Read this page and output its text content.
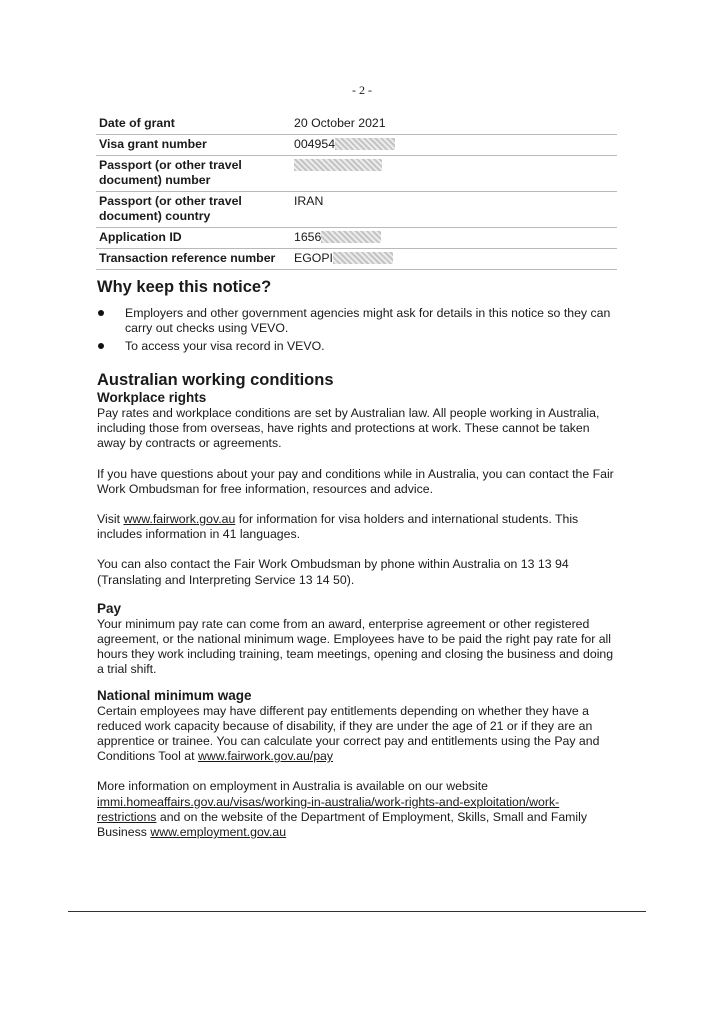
- 2 -
Date of grant	20 October 2021
Visa grant number	004954
Passport (or other travel document) number	
Passport (or other travel document) country	IRAN
Application ID	1656
Transaction reference number	EGOPI
Why keep this notice?
Employers and other government agencies might ask for details in this notice so they can carry out checks using VEVO.
To access your visa record in VEVO.
Australian working conditions
Workplace rights

Pay rates and workplace conditions are set by Australian law. All people working in Australia, including those from overseas, have rights and protections at work. These cannot be taken away by contracts or agreements.

If you have questions about your pay and conditions while in Australia, you can contact the Fair Work Ombudsman for free information, resources and advice.

Visit www.fairwork.gov.au for information for visa holders and international students. This includes information in 41 languages.

You can also contact the Fair Work Ombudsman by phone within Australia on 13 13 94 (Translating and Interpreting Service 13 14 50).

Pay

Your minimum pay rate can come from an award, enterprise agreement or other registered agreement, or the national minimum wage. Employees have to be paid the right pay rate for all hours they work including training, team meetings, opening and closing the business and doing a trial shift.

National minimum wage

Certain employees may have different pay entitlements depending on whether they have a reduced work capacity because of disability, if they are under the age of 21 or if they are an apprentice or trainee. You can calculate your correct pay and entitlements using the Pay and Conditions Tool at www.fairwork.gov.au/pay

More information on employment in Australia is available on our website immi.homeaffairs.gov.au/visas/working-in-australia/work-rights-and-exploitation/work-restrictions and on the website of the Department of Employment, Skills, Small and Family Business www.employment.gov.au
